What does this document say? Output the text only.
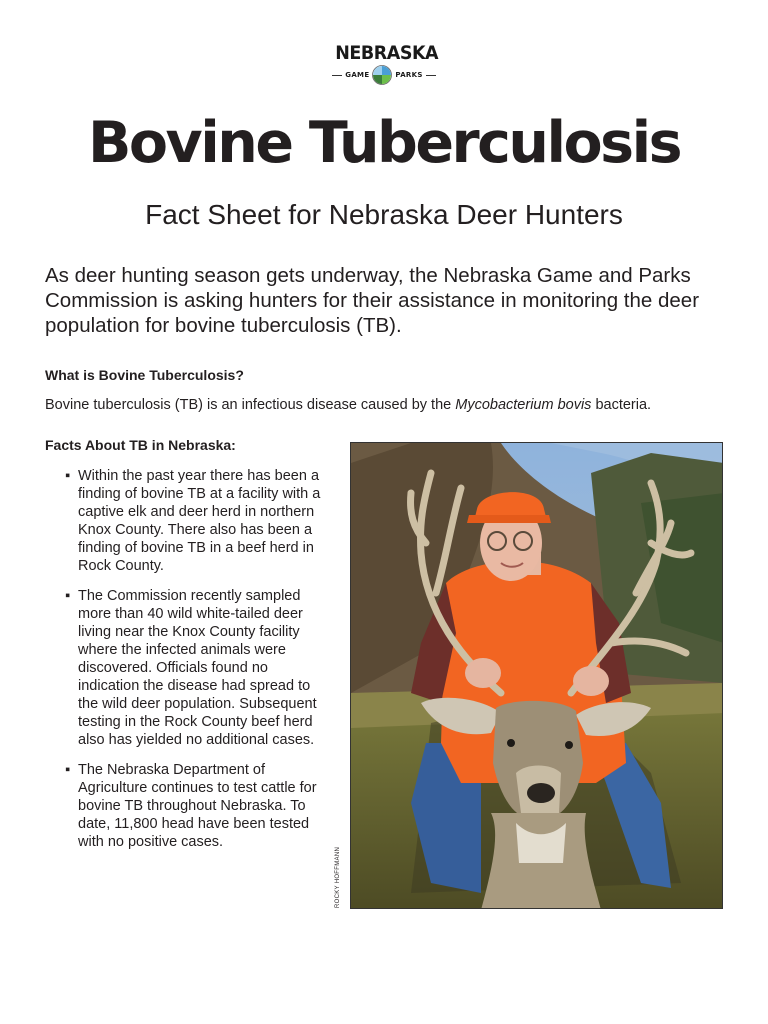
NEBRASKA
GAME	PARKS
Bovine Tuberculosis
Fact Sheet for Nebraska Deer Hunters
As deer hunting season gets underway, the Nebraska Game and Parks Commission is asking hunters for their assistance in monitoring the deer population for bovine tuberculosis (TB).
What is Bovine Tuberculosis?
Bovine tuberculosis (TB) is an infectious disease caused by the Mycobacterium bovis bacteria.
Facts About TB in Nebraska:
▪ Within the past year there has been a finding of bovine TB at a facility with a captive elk and deer herd in northern Knox County. There also has been a finding of bovine TB in a beef herd in Rock County.
▪ The Commission recently sampled more than 40 wild white-tailed deer living near the Knox County facility where the infected animals were discovered. Officials found no indication the disease had spread to the wild deer population. Subsequent testing in the Rock County beef herd also has yielded no additional cases.
▪ The Nebraska Department of Agriculture continues to test cattle for bovine TB throughout Nebraska. To date, 11,800 head have been tested with no positive cases.
ROCKY HOFFMANN
